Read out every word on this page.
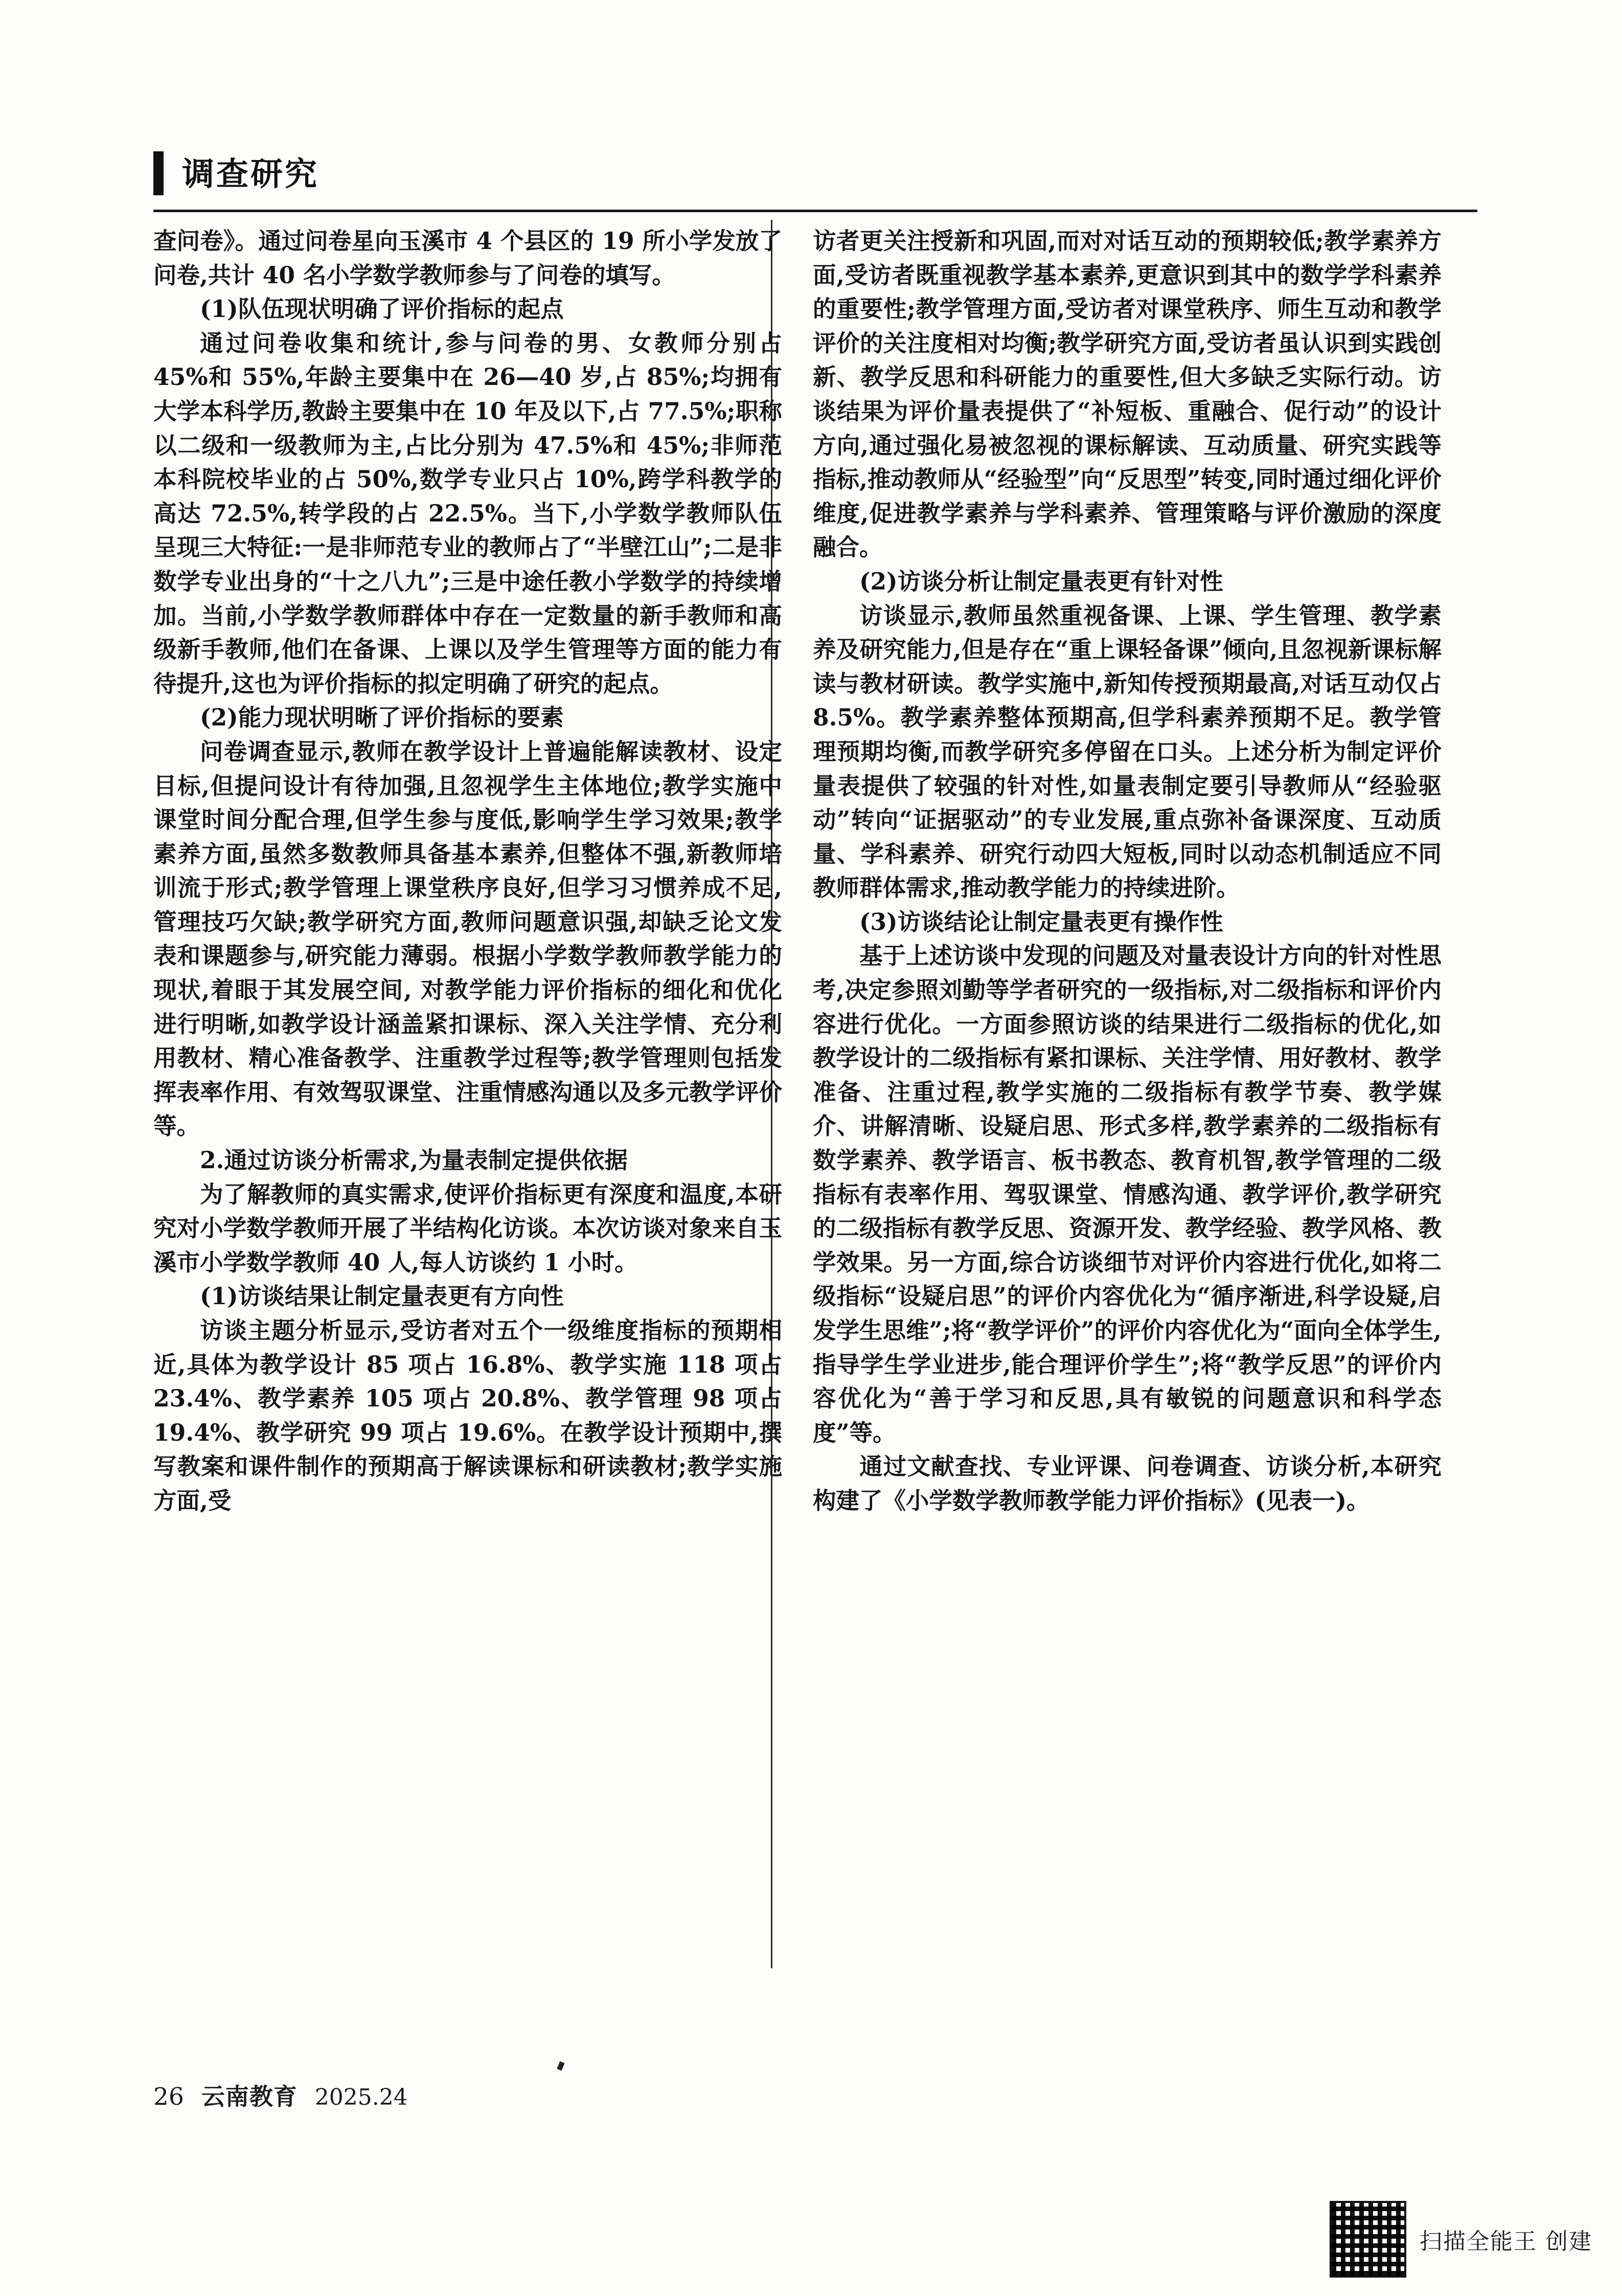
调查研究

查问卷》。通过问卷星向玉溪市 4 个县区的 19 所小学发放了问卷,共计 40 名小学数学教师参与了问卷的填写。

(1)队伍现状明确了评价指标的起点

通过问卷收集和统计,参与问卷的男、女教师分别占 45%和 55%,年龄主要集中在 26—40 岁,占 85%;均拥有大学本科学历,教龄主要集中在 10 年及以下,占 77.5%;职称以二级和一级教师为主,占比分别为 47.5%和 45%;非师范本科院校毕业的占 50%,数学专业只占 10%,跨学科教学的高达 72.5%,转学段的占 22.5%。当下,小学数学教师队伍呈现三大特征:一是非师范专业的教师占了“半壁江山”;二是非数学专业出身的“十之八九”;三是中途任教小学数学的持续增加。当前,小学数学教师群体中存在一定数量的新手教师和高级新手教师,他们在备课、上课以及学生管理等方面的能力有待提升,这也为评价指标的拟定明确了研究的起点。

(2)能力现状明晰了评价指标的要素

问卷调查显示,教师在教学设计上普遍能解读教材、设定目标,但提问设计有待加强,且忽视学生主体地位;教学实施中课堂时间分配合理,但学生参与度低,影响学生学习效果;教学素养方面,虽然多数教师具备基本素养,但整体不强,新教师培训流于形式;教学管理上课堂秩序良好,但学习习惯养成不足,管理技巧欠缺;教学研究方面,教师问题意识强,却缺乏论文发表和课题参与,研究能力薄弱。根据小学数学教师教学能力的现状,着眼于其发展空间, 对教学能力评价指标的细化和优化进行明晰,如教学设计涵盖紧扣课标、深入关注学情、充分利用教材、精心准备教学、注重教学过程等;教学管理则包括发挥表率作用、有效驾驭课堂、注重情感沟通以及多元教学评价等。

2.通过访谈分析需求,为量表制定提供依据

为了解教师的真实需求,使评价指标更有深度和温度,本研究对小学数学教师开展了半结构化访谈。本次访谈对象来自玉溪市小学数学教师 40 人,每人访谈约 1 小时。

(1)访谈结果让制定量表更有方向性

访谈主题分析显示,受访者对五个一级维度指标的预期相近,具体为教学设计 85 项占 16.8%、教学实施 118 项占 23.4%、教学素养 105 项占 20.8%、教学管理 98 项占 19.4%、教学研究 99 项占 19.6%。在教学设计预期中,撰写教案和课件制作的预期高于解读课标和研读教材;教学实施方面,受

访者更关注授新和巩固,而对对话互动的预期较低;教学素养方面,受访者既重视教学基本素养,更意识到其中的数学学科素养的重要性;教学管理方面,受访者对课堂秩序、师生互动和教学评价的关注度相对均衡;教学研究方面,受访者虽认识到实践创新、教学反思和科研能力的重要性,但大多缺乏实际行动。访谈结果为评价量表提供了“补短板、重融合、促行动”的设计方向,通过强化易被忽视的课标解读、互动质量、研究实践等指标,推动教师从“经验型”向“反思型”转变,同时通过细化评价维度,促进教学素养与学科素养、管理策略与评价激励的深度融合。

(2)访谈分析让制定量表更有针对性

访谈显示,教师虽然重视备课、上课、学生管理、教学素养及研究能力,但是存在“重上课轻备课”倾向,且忽视新课标解读与教材研读。教学实施中,新知传授预期最高,对话互动仅占 8.5%。教学素养整体预期高,但学科素养预期不足。教学管理预期均衡,而教学研究多停留在口头。上述分析为制定评价量表提供了较强的针对性,如量表制定要引导教师从“经验驱动”转向“证据驱动”的专业发展,重点弥补备课深度、互动质量、学科素养、研究行动四大短板,同时以动态机制适应不同教师群体需求,推动教学能力的持续进阶。

(3)访谈结论让制定量表更有操作性

基于上述访谈中发现的问题及对量表设计方向的针对性思考,决定参照刘勤等学者研究的一级指标,对二级指标和评价内容进行优化。一方面参照访谈的结果进行二级指标的优化,如教学设计的二级指标有紧扣课标、关注学情、用好教材、教学准备、注重过程,教学实施的二级指标有教学节奏、教学媒介、讲解清晰、设疑启思、形式多样,教学素养的二级指标有数学素养、教学语言、板书教态、教育机智,教学管理的二级指标有表率作用、驾驭课堂、情感沟通、教学评价,教学研究的二级指标有教学反思、资源开发、教学经验、教学风格、教学效果。另一方面,综合访谈细节对评价内容进行优化,如将二级指标“设疑启思”的评价内容优化为“循序渐进,科学设疑,启发学生思维”;将“教学评价”的评价内容优化为“面向全体学生,指导学生学业进步,能合理评价学生”;将“教学反思”的评价内容优化为“善于学习和反思,具有敏锐的问题意识和科学态度”等。

通过文献查找、专业评课、问卷调查、访谈分析,本研究构建了《小学数学教师教学能力评价指标》(见表一)。

26 云南教育 2025.24
扫描全能王 创建
